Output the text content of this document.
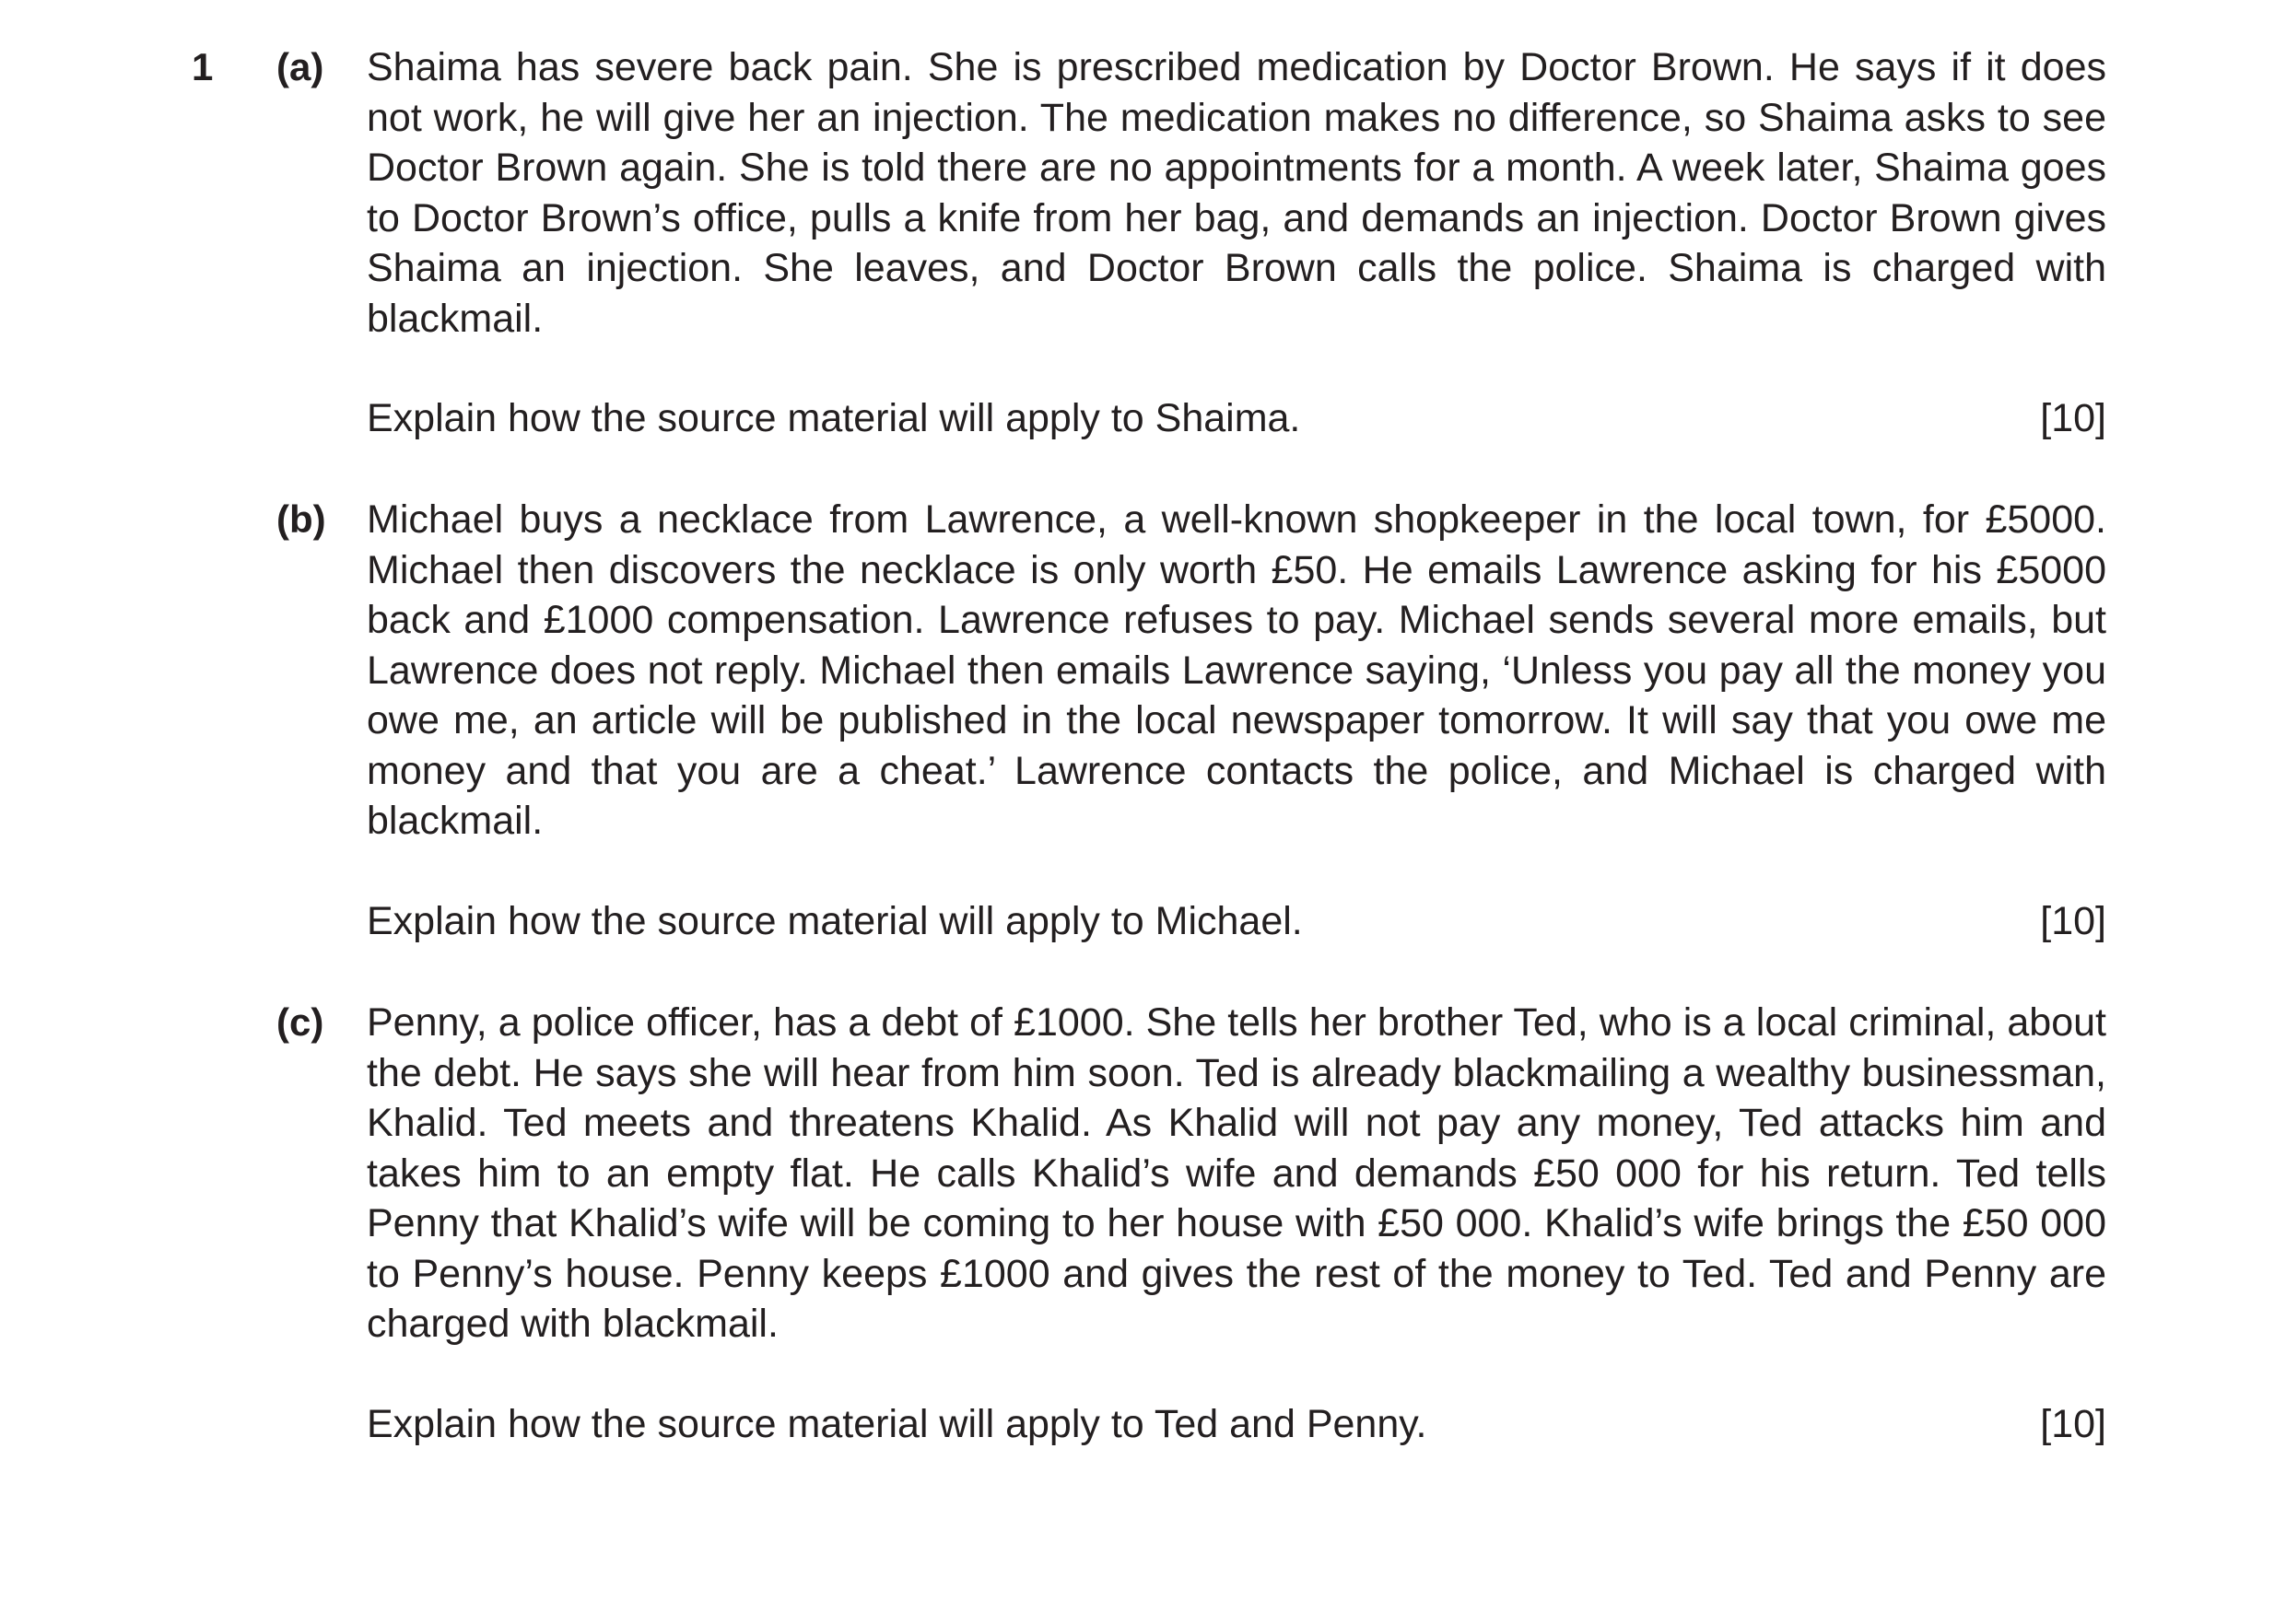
1 (a) Shaima has severe back pain. She is prescribed medication by Doctor Brown. He says if it does not work, he will give her an injection. The medication makes no difference, so Shaima asks to see Doctor Brown again. She is told there are no appointments for a month. A week later, Shaima goes to Doctor Brown’s office, pulls a knife from her bag, and demands an injection. Doctor Brown gives Shaima an injection. She leaves, and Doctor Brown calls the police. Shaima is charged with blackmail.

Explain how the source material will apply to Shaima.	[10]
(b) Michael buys a necklace from Lawrence, a well-known shopkeeper in the local town, for £5000. Michael then discovers the necklace is only worth £50. He emails Lawrence asking for his £5000 back and £1000 compensation. Lawrence refuses to pay. Michael sends several more emails, but Lawrence does not reply. Michael then emails Lawrence saying, ‘Unless you pay all the money you owe me, an article will be published in the local newspaper tomorrow. It will say that you owe me money and that you are a cheat.’ Lawrence contacts the police, and Michael is charged with blackmail.

Explain how the source material will apply to Michael.	[10]
(c) Penny, a police officer, has a debt of £1000. She tells her brother Ted, who is a local criminal, about the debt. He says she will hear from him soon. Ted is already blackmailing a wealthy businessman, Khalid. Ted meets and threatens Khalid. As Khalid will not pay any money, Ted attacks him and takes him to an empty flat. He calls Khalid’s wife and demands £50 000 for his return. Ted tells Penny that Khalid’s wife will be coming to her house with £50 000. Khalid’s wife brings the £50 000 to Penny’s house. Penny keeps £1000 and gives the rest of the money to Ted. Ted and Penny are charged with blackmail.

Explain how the source material will apply to Ted and Penny.	[10]
